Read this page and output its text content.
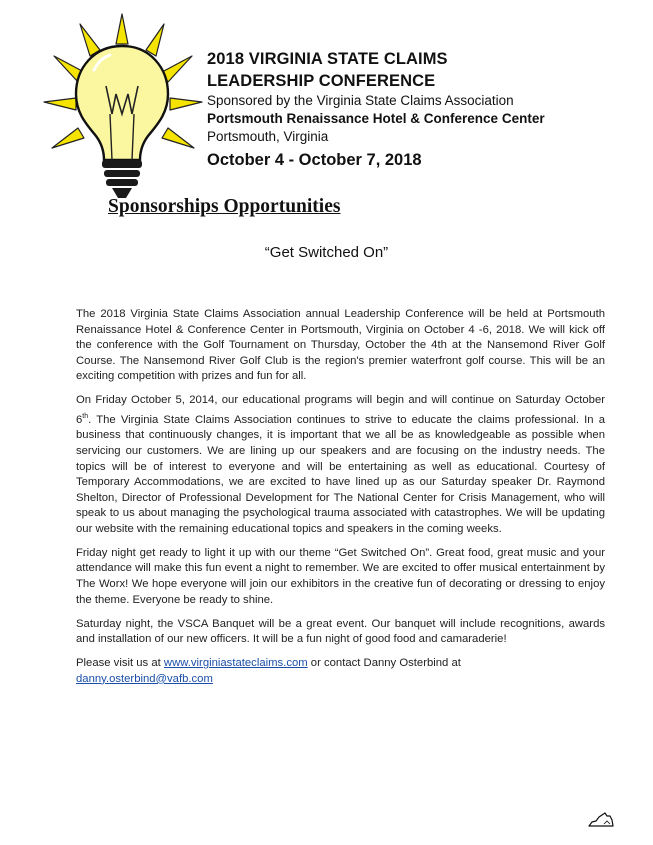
2018 VIRGINIA STATE CLAIMS
LEADERSHIP CONFERENCE
Sponsored by the Virginia State Claims Association
Portsmouth Renaissance Hotel & Conference Center
Portsmouth, Virginia
October 4 - October 7, 2018
Sponsorships Opportunities
“Get Switched On”

The 2018 Virginia State Claims Association annual Leadership Conference will be held at Portsmouth Renaissance Hotel & Conference Center in Portsmouth, Virginia on October 4 -6, 2018. We will kick off the conference with the Golf Tournament on Thursday, October the 4th at the Nansemond River Golf Course. The Nansemond River Golf Club is the region's premier waterfront golf course. This will be an exciting competition with prizes and fun for all.

On Friday October 5, 2014, our educational programs will begin and will continue on Saturday October 6th. The Virginia State Claims Association continues to strive to educate the claims professional. In a business that continuously changes, it is important that we all be as knowledgeable as possible when servicing our customers. We are lining up our speakers and are focusing on the industry needs. The topics will be of interest to everyone and will be entertaining as well as educational. Courtesy of Temporary Accommodations, we are excited to have lined up as our Saturday speaker Dr. Raymond Shelton, Director of Professional Development for The National Center for Crisis Management, who will speak to us about managing the psychological trauma associated with catastrophes. We will be updating our website with the remaining educational topics and speakers in the coming weeks.

Friday night get ready to light it up with our theme “Get Switched On”. Great food, great music and your attendance will make this fun event a night to remember. We are excited to offer musical entertainment by The Worx! We hope everyone will join our exhibitors in the creative fun of decorating or dressing to enjoy the theme. Everyone be ready to shine.

Saturday night, the VSCA Banquet will be a great event. Our banquet will include recognitions, awards and installation of our new officers. It will be a fun night of good food and camaraderie!

Please visit us at www.virginiastateclaims.com or contact Danny Osterbind at
danny.osterbind@vafb.com
